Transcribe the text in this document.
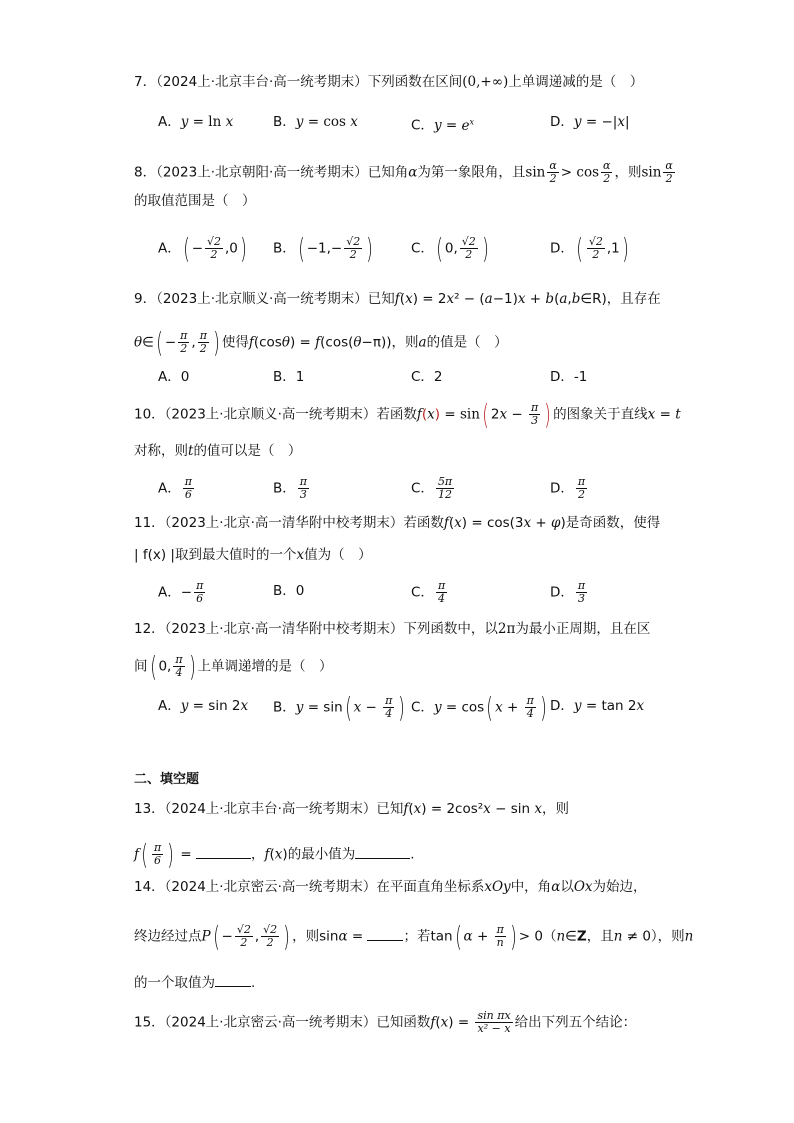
7．（2024上·北京丰台·高一统考期末）下列函数在区间(0,+∞)上单调递减的是（　）
A．y = ln x	B．y = cos x	C．$y = e^x$	D．y = −|x|
8．（2023上·北京朝阳·高一统考期末）已知角α为第一象限角，且$\sin \frac{\alpha}{2} > \cos \frac{\alpha}{2}$ ，则$\sin \frac{\alpha}{2}$
的取值范围是（　）
A．( − $\frac{√2}{2} ,0$) B．( $-1,- \frac{√2}{2}$ )	C．( 0, $\frac{√2}{2}$ )	D．( $\frac{√2}{2} ,1$)
9．（2023上·北京顺义·高一统考期末）已知f(x) = 2x² − (a−1)x + b(a,b∈R)，且存在
θ∈( − $\frac{\pi}{2}$ , $\frac{\pi}{2}$ ) 使得f(cosθ) = f(cos(θ−π))，则a的值是（　）
A．0	B．1	C．2	D．-1
10．（2023上·北京顺义·高一统考期末）若函数f(x) = sin( $2x - \frac{\pi}{3}$ ) 的图象关于直线x = t
对称，则t的值可以是（　）
A． $\frac{\pi}{6}$	B． $\frac{\pi}{3}$	C． $\frac{5\pi}{12}$	D． $\frac{\pi}{2}$
11．（2023上·北京·高一清华附中校考期末）若函数f(x) = cos(3x + φ)是奇函数，使得
| f(x) |取到最大值时的一个x值为（　）
A．− $\frac{\pi}{6}$	B．0	C． $\frac{\pi}{4}$	D． $\frac{\pi}{3}$
12．（2023上·北京·高一清华附中校考期末）下列函数中，以2π为最小正周期，且在区
间( 0, $\frac{\pi}{4}$ ) 上单调递增的是（　）
A．y = sin 2x B．y = sin( $x - \frac{\pi}{4}$ ) C．y = cos( $x + \frac{\pi}{4}$ ) D．y = tan 2x
二、填空题
13．（2024上·北京丰台·高一统考期末）已知f(x) = 2cos²x − sin x，则
$f( \frac{\pi}{6}$ ) =	，f(x)的最小值为	.
14．（2024上·北京密云·高一统考期末）在平面直角坐标系xOy中，角α以Ox为始边，
终边经过点$P( - \frac{√2}{2}$ , $\frac{√2}{2}$ ) ，则sinα =	；若tan( $\alpha + \frac{\pi}{n}$ ) > 0（n∈Z，且n ≠ 0），则n
的一个取值为	.
15．（2024上·北京密云·高一统考期末）已知函数$f(x) = \frac{\text{sin πx}}{\text{x² − x}}$ 给出下列五个结论：
